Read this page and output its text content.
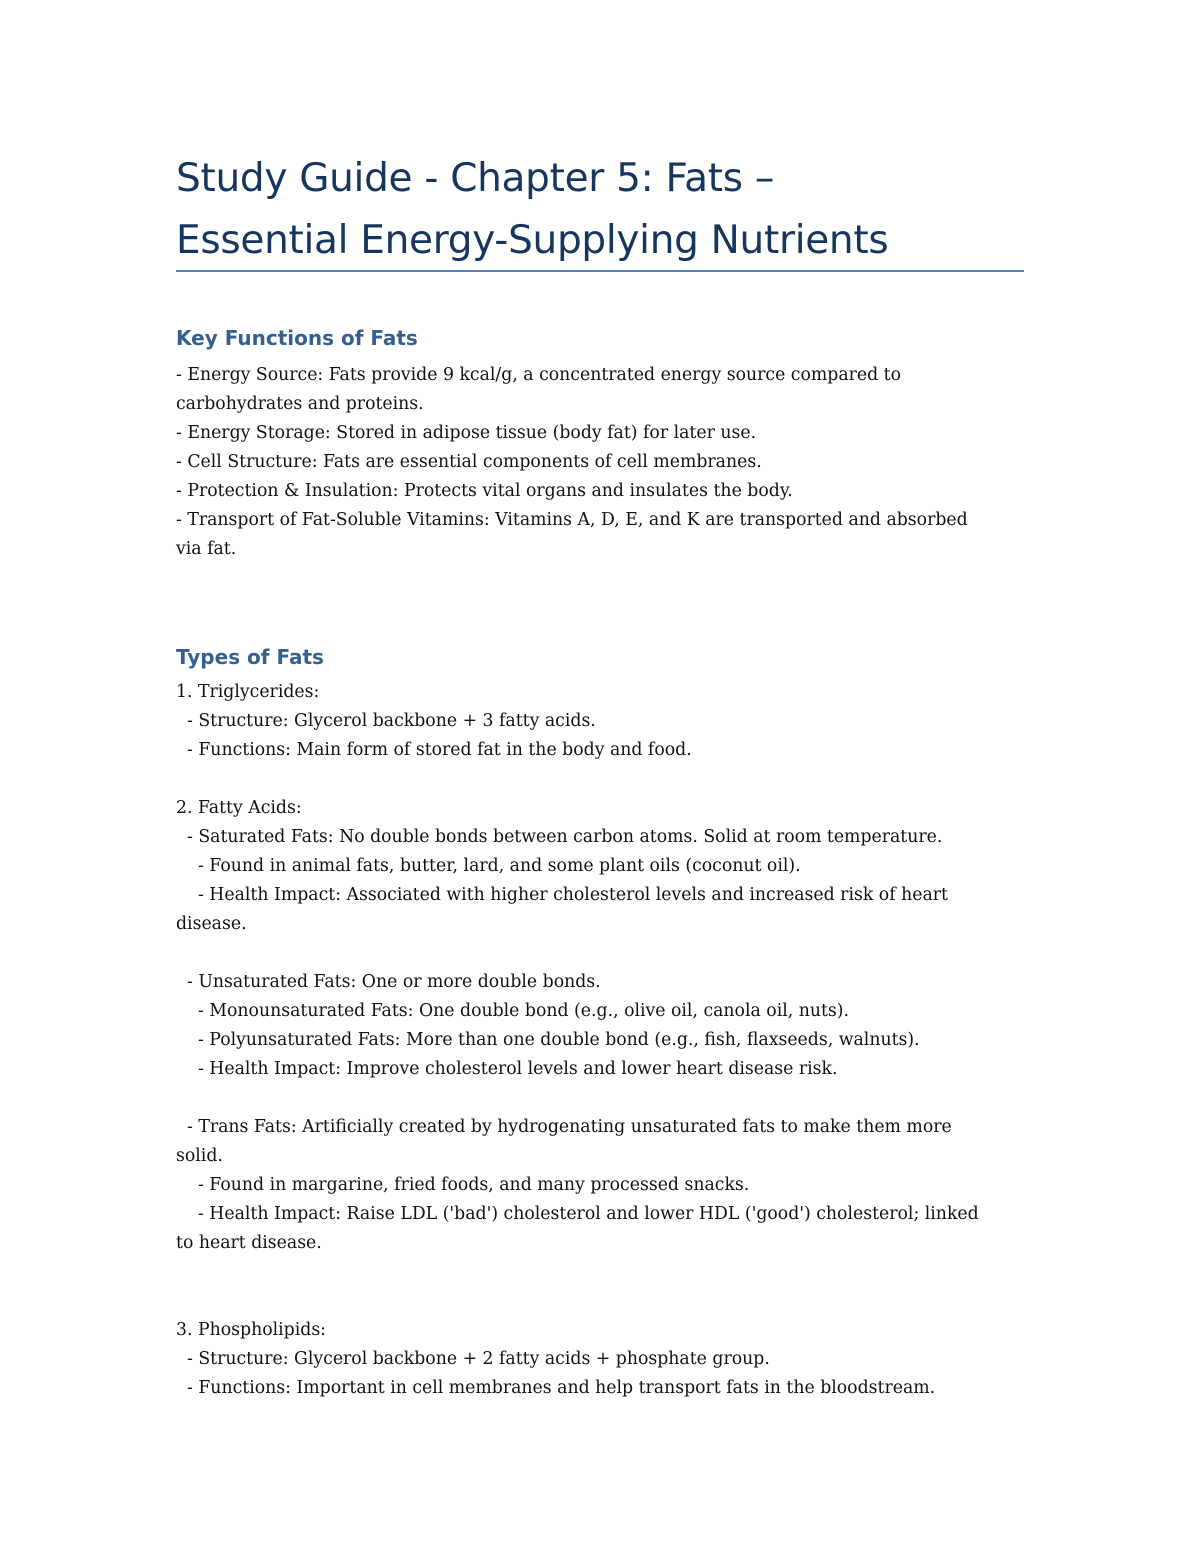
Study Guide - Chapter 5: Fats –
Essential Energy-Supplying Nutrients
Key Functions of Fats
- Energy Source: Fats provide 9 kcal/g, a concentrated energy source compared to
carbohydrates and proteins.
- Energy Storage: Stored in adipose tissue (body fat) for later use.
- Cell Structure: Fats are essential components of cell membranes.
- Protection & Insulation: Protects vital organs and insulates the body.
- Transport of Fat-Soluble Vitamins: Vitamins A, D, E, and K are transported and absorbed
via fat.
Types of Fats
1. Triglycerides:
- Structure: Glycerol backbone + 3 fatty acids.
- Functions: Main form of stored fat in the body and food.
2. Fatty Acids:
- Saturated Fats: No double bonds between carbon atoms. Solid at room temperature.
- Found in animal fats, butter, lard, and some plant oils (coconut oil).
- Health Impact: Associated with higher cholesterol levels and increased risk of heart
disease.
- Unsaturated Fats: One or more double bonds.
- Monounsaturated Fats: One double bond (e.g., olive oil, canola oil, nuts).
- Polyunsaturated Fats: More than one double bond (e.g., fish, flaxseeds, walnuts).
- Health Impact: Improve cholesterol levels and lower heart disease risk.
- Trans Fats: Artificially created by hydrogenating unsaturated fats to make them more
solid.
- Found in margarine, fried foods, and many processed snacks.
- Health Impact: Raise LDL ('bad') cholesterol and lower HDL ('good') cholesterol; linked
to heart disease.
3. Phospholipids:
- Structure: Glycerol backbone + 2 fatty acids + phosphate group.
- Functions: Important in cell membranes and help transport fats in the bloodstream.
